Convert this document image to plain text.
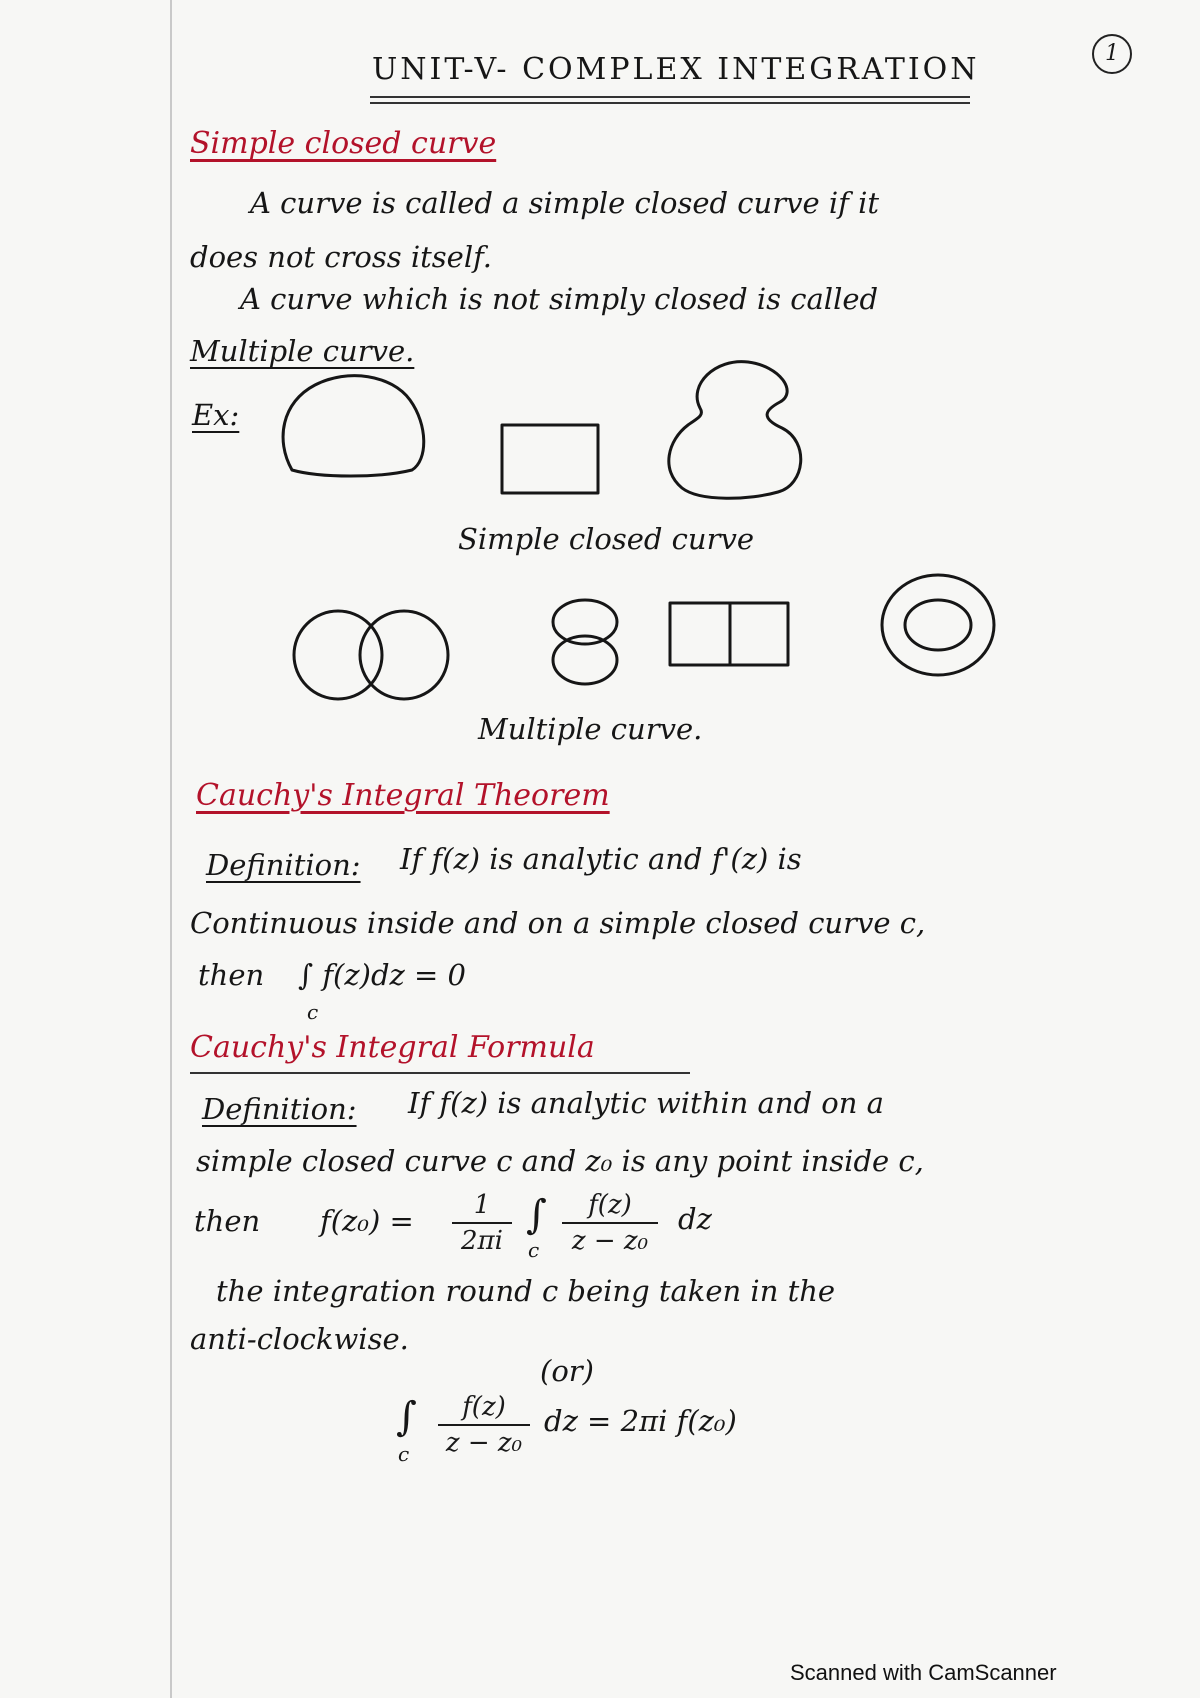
UNIT-V- COMPLEX INTEGRATION	1
Simple closed curve
A curve is called a simple closed curve if it
does not cross itself.
A curve which is not simply closed is called
Multiple curve.
Ex:
Simple closed curve
Multiple curve.
Cauchy's Integral Theorem
Definition: If f(z) is analytic and f'(z) is
Continuous inside and on a simple closed curve c,
then ∫ f(z)dz = 0
c
Cauchy's Integral Formula
Definition: If f(z) is analytic within and on a
simple closed curve c and z₀ is any point inside c,
then f(z₀) =	1
2πi
∫
c
f(z)
z − z₀
dz
the integration round c being taken in the
anti-clockwise.
(or)
∫
c
f(z)
z − z₀
dz = 2πi f(z₀)
Scanned with CamScanner
